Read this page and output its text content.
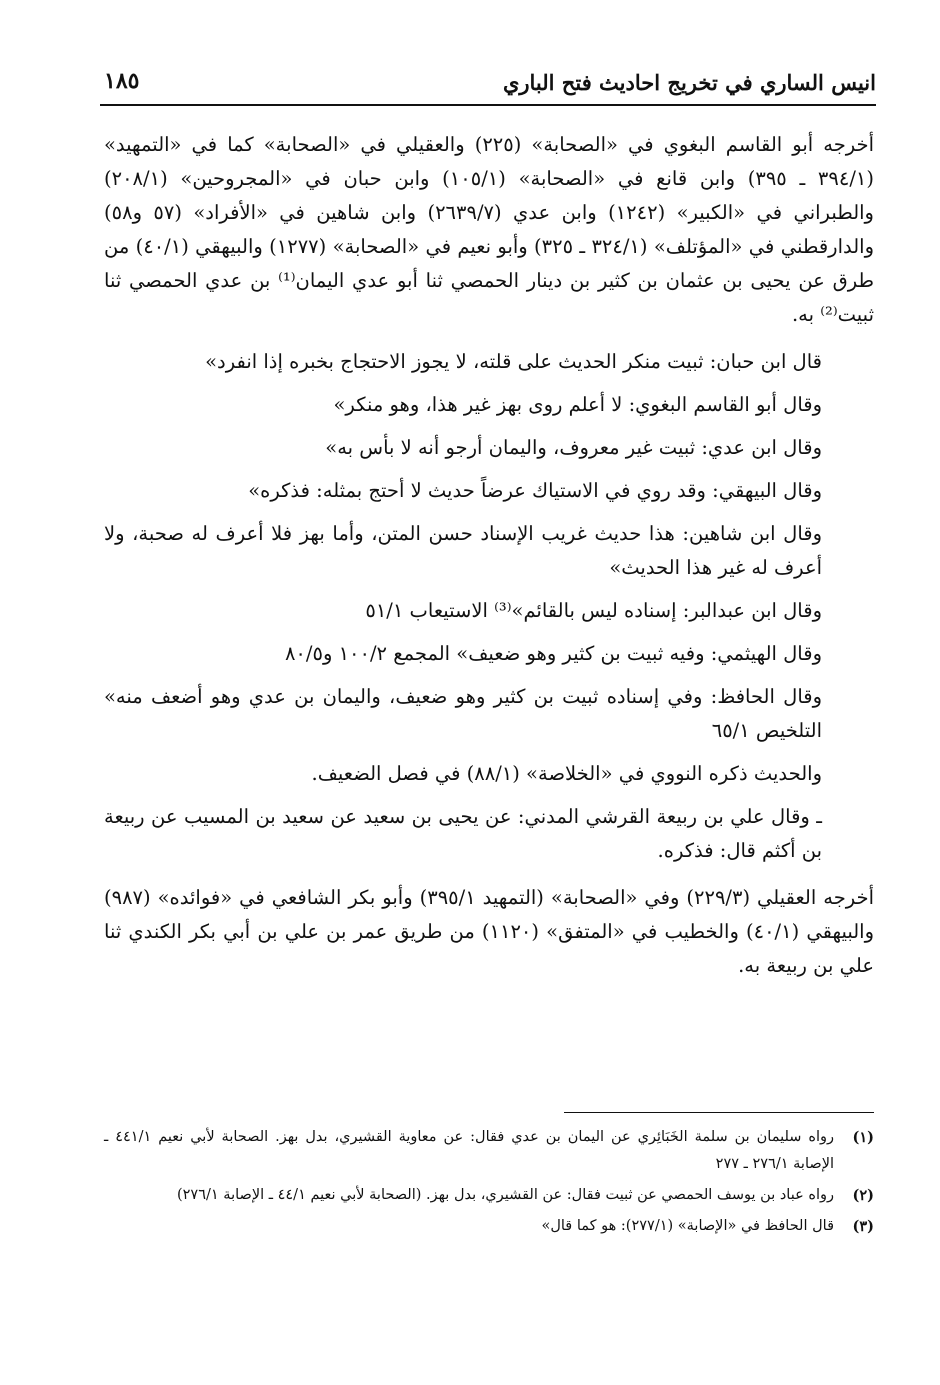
انيس الساري في تخريج احاديث فتح الباري
١٨٥

أخرجه أبو القاسم البغوي في «الصحابة» (٢٢٥) والعقيلي في «الصحابة» كما في «التمهيد» (٣٩٤/١ ـ ٣٩٥) وابن قانع في «الصحابة» (١٠٥/١) وابن حبان في «المجروحين» (٢٠٨/١) والطبراني في «الكبير» (١٢٤٢) وابن عدي (٢٦٣٩/٧) وابن شاهين في «الأفراد» (٥٧ و٥٨) والدارقطني في «المؤتلف» (٣٢٤/١ ـ ٣٢٥) وأبو نعيم في «الصحابة» (١٢٧٧) والبيهقي (٤٠/١) من طرق عن يحيى بن عثمان بن كثير بن دينار الحمصي ثنا أبو عدي اليمان⁽¹⁾ بن عدي الحمصي ثنا ثبيت⁽²⁾ به.

قال ابن حبان: ثبيت منكر الحديث على قلته، لا يجوز الاحتجاج بخبره إذا انفرد»

وقال أبو القاسم البغوي: لا أعلم روى بهز غير هذا، وهو منكر»

وقال ابن عدي: ثبيت غير معروف، واليمان أرجو أنه لا بأس به»

وقال البيهقي: وقد روي في الاستياك عرضاً حديث لا أحتج بمثله: فذكره»

وقال ابن شاهين: هذا حديث غريب الإسناد حسن المتن، وأما بهز فلا أعرف له صحبة، ولا أعرف له غير هذا الحديث»

وقال ابن عبدالبر: إسناده ليس بالقائم»⁽³⁾ الاستيعاب ٥١/١

وقال الهيثمي: وفيه ثبيت بن كثير وهو ضعيف» المجمع ١٠٠/٢ و٨٠/٥

وقال الحافظ: وفي إسناده ثبيت بن كثير وهو ضعيف، واليمان بن عدي وهو أضعف منه» التلخيص ٦٥/١

والحديث ذكره النووي في «الخلاصة» (٨٨/١) في فصل الضعيف.

ـ وقال علي بن ربيعة القرشي المدني: عن يحيى بن سعيد عن سعيد بن المسيب عن ربيعة بن أكثم قال: فذكره.

أخرجه العقيلي (٢٢٩/٣) وفي «الصحابة» (التمهيد ٣٩٥/١) وأبو بكر الشافعي في «فوائده» (٩٨٧) والبيهقي (٤٠/١) والخطيب في «المتفق» (١١٢٠) من طريق عمر بن علي بن أبي بكر الكندي ثنا علي بن ربيعة به.

(١)
رواه سليمان بن سلمة الخَبَائِري عن اليمان بن عدي فقال: عن معاوية القشيري، بدل بهز. الصحابة لأبي نعيم ٤٤١/١ ـ الإصابة ٢٧٦/١ ـ ٢٧٧
(٢)
رواه عباد بن يوسف الحمصي عن ثبيت فقال: عن القشيري، بدل بهز. (الصحابة لأبي نعيم ٤٤/١ ـ الإصابة ٢٧٦/١)
(٣)
قال الحافظ في «الإصابة» (٢٧٧/١): هو كما قال»
